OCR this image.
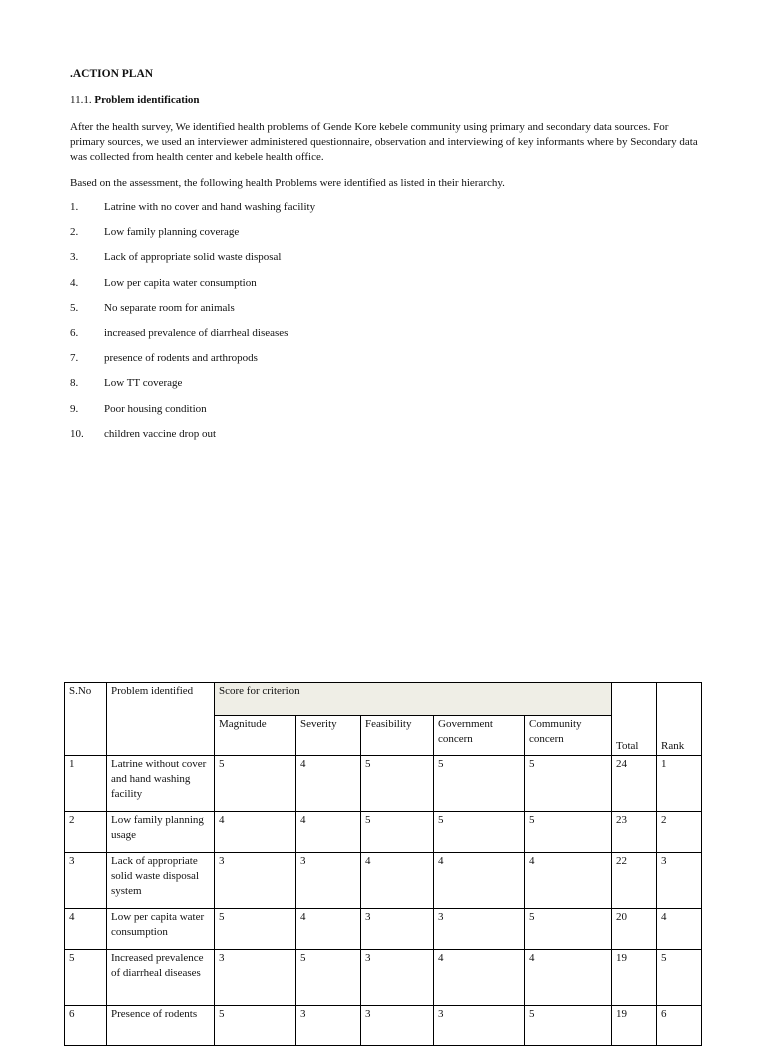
.ACTION PLAN
11.1. Problem identification
After the health survey, We identified health problems of Gende Kore kebele community using primary and secondary data sources. For primary sources, we used an interviewer administered questionnaire, observation and interviewing of key informants where by Secondary data was collected from health center and kebele health office.
Based on the assessment, the following health Problems were identified as listed in their hierarchy.
1. Latrine with no cover and hand washing facility
2. Low family planning coverage
3. Lack of appropriate solid waste disposal
4. Low per capita water consumption
5. No separate room for animals
6. increased prevalence of diarrheal diseases
7. presence of rodents and arthropods
8. Low TT coverage
9. Poor housing condition
10. children vaccine drop out
S.No	Problem identified	Score for criterion					Total	Rank
		Magnitude	Severity	Feasibility	Government concern	Community concern		
1	Latrine without cover and hand washing facility	5	4	5	5	5	24	1
2	Low family planning usage	4	4	5	5	5	23	2
3	Lack of appropriate solid waste disposal system	3	3	4	4	4	22	3
4	Low per capita water consumption	5	4	3	3	5	20	4
5	Increased prevalence of diarrheal diseases	3	5	3	4	4	19	5
6	Presence of rodents	5	3	3	3	5	19	6
